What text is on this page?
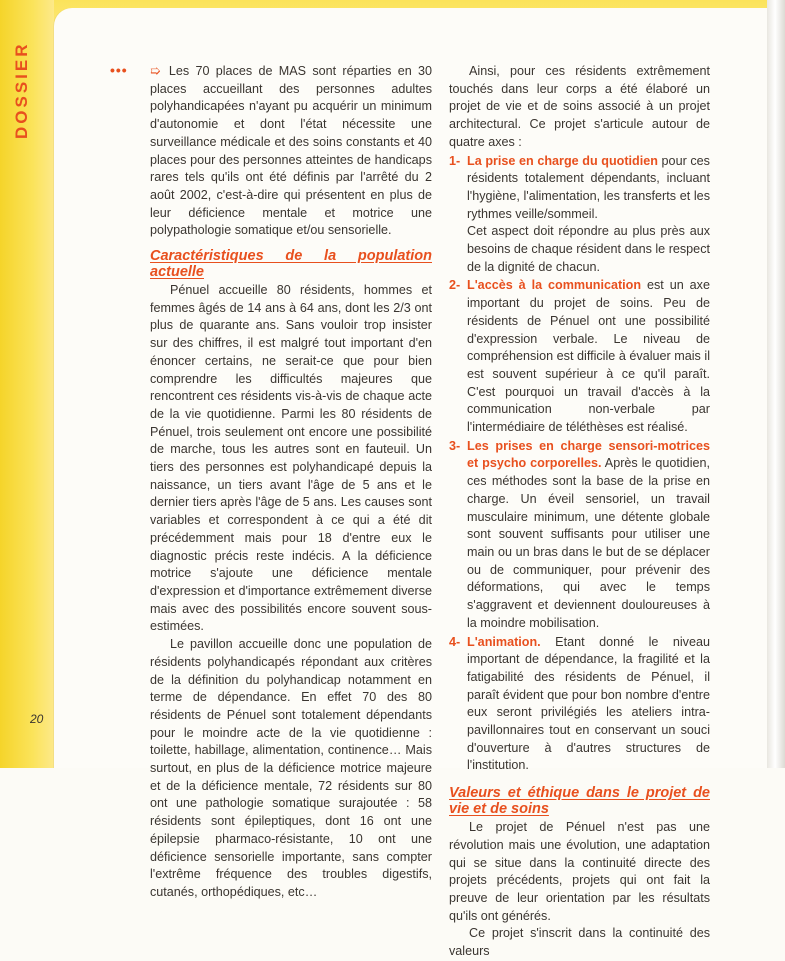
DOSSIER	••• ➯ Les 70 places de MAS sont réparties en 30 places accueillant des personnes adultes polyhandicapées n'ayant pu acquérir un minimum d'autonomie et dont l'état nécessite une surveillance médicale et des soins constants et 40 places pour des personnes atteintes de handicaps rares tels qu'ils ont été définis par l'arrêté du 2 août 2002, c'est-à-dire qui présentent en plus de leur déficience mentale et motrice une polypathologie somatique et/ou sensorielle.

Caractéristiques de la population actuelle

Pénuel accueille 80 résidents, hommes et femmes âgés de 14 ans à 64 ans, dont les 2/3 ont plus de quarante ans. Sans vouloir trop insister sur des chiffres, il est malgré tout important d'en énoncer certains, ne serait-ce que pour bien comprendre les difficultés majeures que rencontrent ces résidents vis-à-vis de chaque acte de la vie quotidienne. Parmi les 80 résidents de Pénuel, trois seulement ont encore une possibilité de marche, tous les autres sont en fauteuil. Un tiers des personnes est polyhandicapé depuis la naissance, un tiers avant l'âge de 5 ans et le dernier tiers après l'âge de 5 ans. Les causes sont variables et correspondent à ce qui a été dit précédemment mais pour 18 d'entre eux le diagnostic précis reste indécis. A la déficience motrice s'ajoute une déficience mentale d'expression et d'importance extrêmement diverse mais avec des possibilités encore souvent sous-estimées.

Le pavillon accueille donc une population de résidents polyhandicapés répondant aux critères de la définition du polyhandicap notamment en terme de dépendance. En effet 70 des 80 résidents de Pénuel sont totalement dépendants pour le moindre acte de la vie quotidienne : toilette, habillage, alimentation, continence… Mais surtout, en plus de la déficience motrice majeure et de la déficience mentale, 72 résidents sur 80 ont une pathologie somatique surajoutée : 58 résidents sont épileptiques, dont 16 ont une épilepsie pharmaco-résistante, 10 ont une déficience sensorielle importante, sans compter l'extrême fréquence des troubles digestifs, cutanés, orthopédiques, etc…

Ainsi, pour ces résidents extrêmement touchés dans leur corps a été élaboré un projet de vie et de soins associé à un projet architectural. Ce projet s'articule autour de quatre axes :

1- La prise en charge du quotidien pour ces résidents totalement dépendants, incluant l'hygiène, l'alimentation, les transferts et les rythmes veille/sommeil.
Cet aspect doit répondre au plus près aux besoins de chaque résident dans le respect de la dignité de chacun.
2- L'accès à la communication est un axe important du projet de soins. Peu de résidents de Pénuel ont une possibilité d'expression verbale. Le niveau de compréhension est difficile à évaluer mais il est souvent supérieur à ce qu'il paraît. C'est pourquoi un travail d'accès à la communication non-verbale par l'intermédiaire de téléthèses est réalisé.
3- Les prises en charge sensori-motrices et psycho corporelles. Après le quotidien, ces méthodes sont la base de la prise en charge. Un éveil sensoriel, un travail musculaire minimum, une détente globale sont souvent suffisants pour utiliser une main ou un bras dans le but de se déplacer ou de communiquer, pour prévenir des déformations, qui avec le temps s'aggravent et deviennent douloureuses à la moindre mobilisation.
4- L'animation. Etant donné le niveau important de dépendance, la fragilité et la fatigabilité des résidents de Pénuel, il paraît évident que pour bon nombre d'entre eux seront privilégiés les ateliers intra-pavillonnaires tout en conservant un souci d'ouverture à d'autres structures de l'institution.
Valeurs et éthique dans le projet de vie et de soins

Le projet de Pénuel n'est pas une révolution mais une évolution, une adaptation qui se situe dans la continuité directe des projets précédents, projets qui ont fait la preuve de leur orientation par les résultats qu'ils ont générés.

Ce projet s'inscrit dans la continuité des valeurs

20
